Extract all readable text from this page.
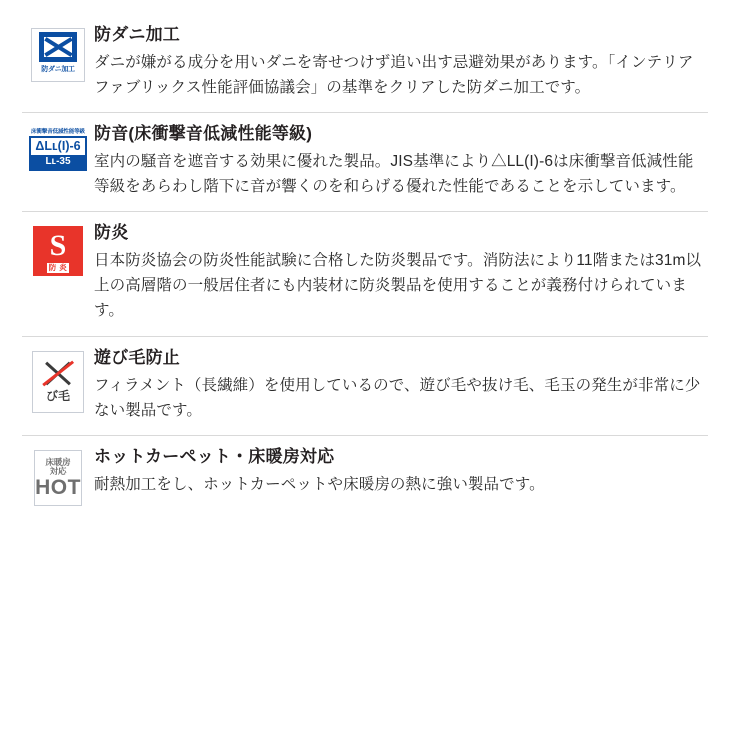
防ダニ加工

防ダニ加工

ダニが嫌がる成分を用いダニを寄せつけず追い出す忌避効果があります。「インテリアファブリックス性能評価協議会」の基準をクリアした防ダニ加工です。

床衝撃音低減性能等級
ΔLʟ(I)-6
Lʟ-35

防音(床衝撃音低減性能等級)

室内の騒音を遮音する効果に優れた製品。JIS基準により△LL(I)-6は床衝撃音低減性能等級をあらわし階下に音が響くのを和らげる優れた性能であることを示しています。

S
防 炎

防炎

日本防炎協会の防炎性能試験に合格した防炎製品です。消防法により11階または31m以上の高層階の一般居住者にも内装材に防炎製品を使用することが義務付けられています。

び毛

遊び毛防止

フィラメント（長繊維）を使用しているので、遊び毛や抜け毛、毛玉の発生が非常に少ない製品です。

床暖房
対応
HOT

ホットカーペット・床暖房対応

耐熱加工をし、ホットカーペットや床暖房の熱に強い製品です。
